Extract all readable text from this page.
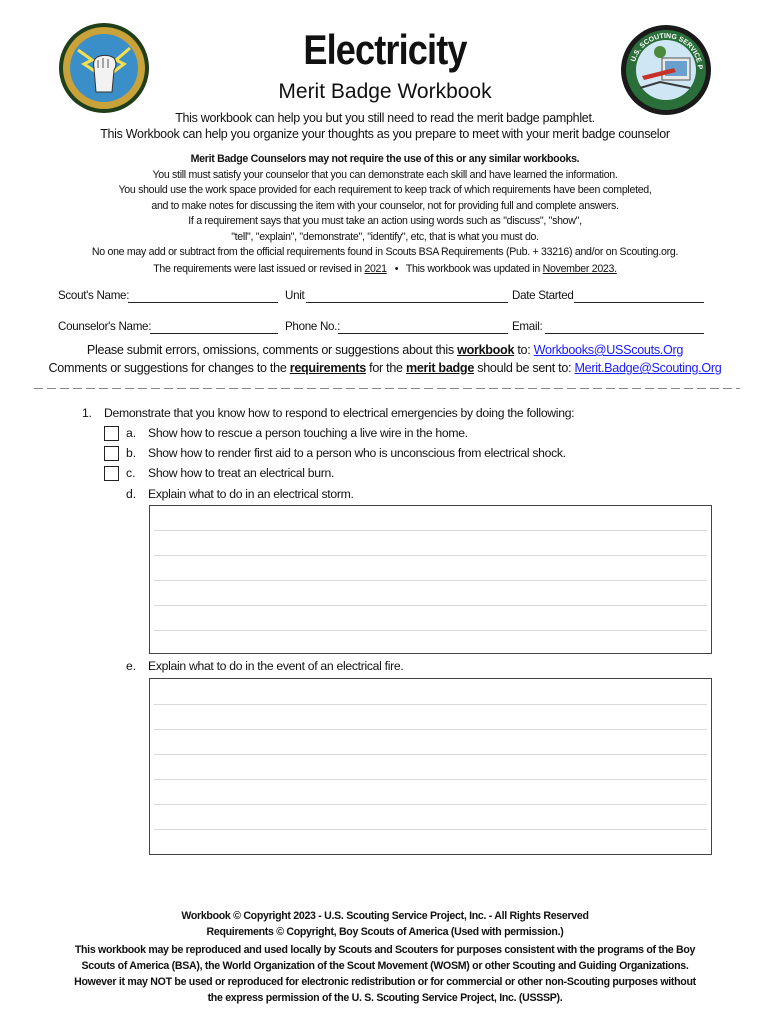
U.S. SCOUTING SERVICE P
Electricity
Merit Badge Workbook
This workbook can help you but you still need to read the merit badge pamphlet.
This Workbook can help you organize your thoughts as you prepare to meet with your merit badge counselor
Merit Badge Counselors may not require the use of this or any similar workbooks.
You still must satisfy your counselor that you can demonstrate each skill and have learned the information.
You should use the work space provided for each requirement to keep track of which requirements have been completed,
and to make notes for discussing the item with your counselor, not for providing full and complete answers.
If a requirement says that you must take an action using words such as "discuss", "show",
"tell", "explain", "demonstrate", "identify", etc, that is what you must do.
No one may add or subtract from the official requirements found in Scouts BSA Requirements (Pub. + 33216) and/or on Scouting.org.
The requirements were last issued or revised in 2021 • This workbook was updated in November 2023.
Scout's Name:	Unit	Date Started
Counselor's Name:	Phone No.:	Email:
Please submit errors, omissions, comments or suggestions about this workbook to: Workbooks@USScouts.Org
Comments or suggestions for changes to the requirements for the merit badge should be sent to: Merit.Badge@Scouting.Org
1. Demonstrate that you know how to respond to electrical emergencies by doing the following:
a. Show how to rescue a person touching a live wire in the home.
b. Show how to render first aid to a person who is unconscious from electrical shock.
c. Show how to treat an electrical burn.
d. Explain what to do in an electrical storm.
e. Explain what to do in the event of an electrical fire.
Workbook © Copyright 2023 - U.S. Scouting Service Project, Inc. - All Rights Reserved
Requirements © Copyright, Boy Scouts of America (Used with permission.)
This workbook may be reproduced and used locally by Scouts and Scouters for purposes consistent with the programs of the Boy
Scouts of America (BSA), the World Organization of the Scout Movement (WOSM) or other Scouting and Guiding Organizations.
However it may NOT be used or reproduced for electronic redistribution or for commercial or other non-Scouting purposes without
the express permission of the U. S. Scouting Service Project, Inc. (USSSP).
